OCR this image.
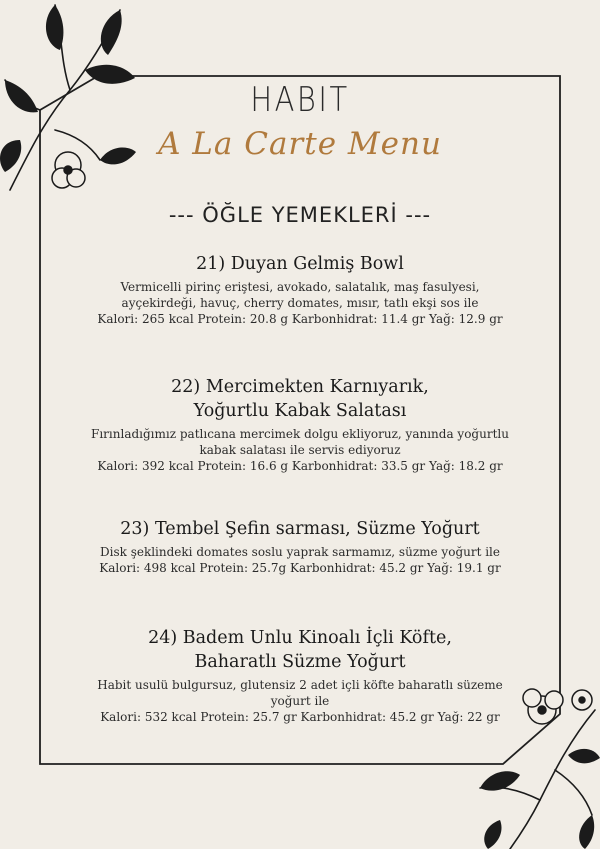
HABIT
A La Carte Menu
--- ÖĞLE YEMEKLERİ ---
21) Duyan Gelmiş Bowl
Vermicelli pirinç erişte​si, avokado, salatalık, maş fasulyesi,
ayçekirdeği, havuç, cherry domates, mısır, tatlı ekşi sos ile
Kalori: 265 kcal Protein: 20.8 g Karbonhidrat: 11.4 gr Yağ: 12.9 gr
22) Mercimekten Karnıyarık,
Yoğurtlu Kabak Salatası
Fırınladığımız patlıcana mercimek dolgu ekliyoruz, yanında yoğurtlu
kabak salatası ile servis ediyoruz
Kalori: 392 kcal Protein: 16.6 g Karbonhidrat: 33.5 gr Yağ: 18.2 gr
23) Tembel Şefin sarması, Süzme Yoğurt
Disk şeklindeki domates soslu yaprak sarmamız, süzme yoğurt ile
Kalori: 498 kcal Protein: 25.7g Karbonhidrat: 45.2 gr Yağ: 19.1 gr
24) Badem Unlu Kinoalı İçli Köfte,
Baharatlı Süzme Yoğurt
Habit usulü bulgursuz, glutensiz 2 adet içli köfte baharatlı süzeme
yoğurt ile
Kalori: 532 kcal Protein: 25.7 gr Karbonhidrat: 45.2 gr Yağ: 22 gr
